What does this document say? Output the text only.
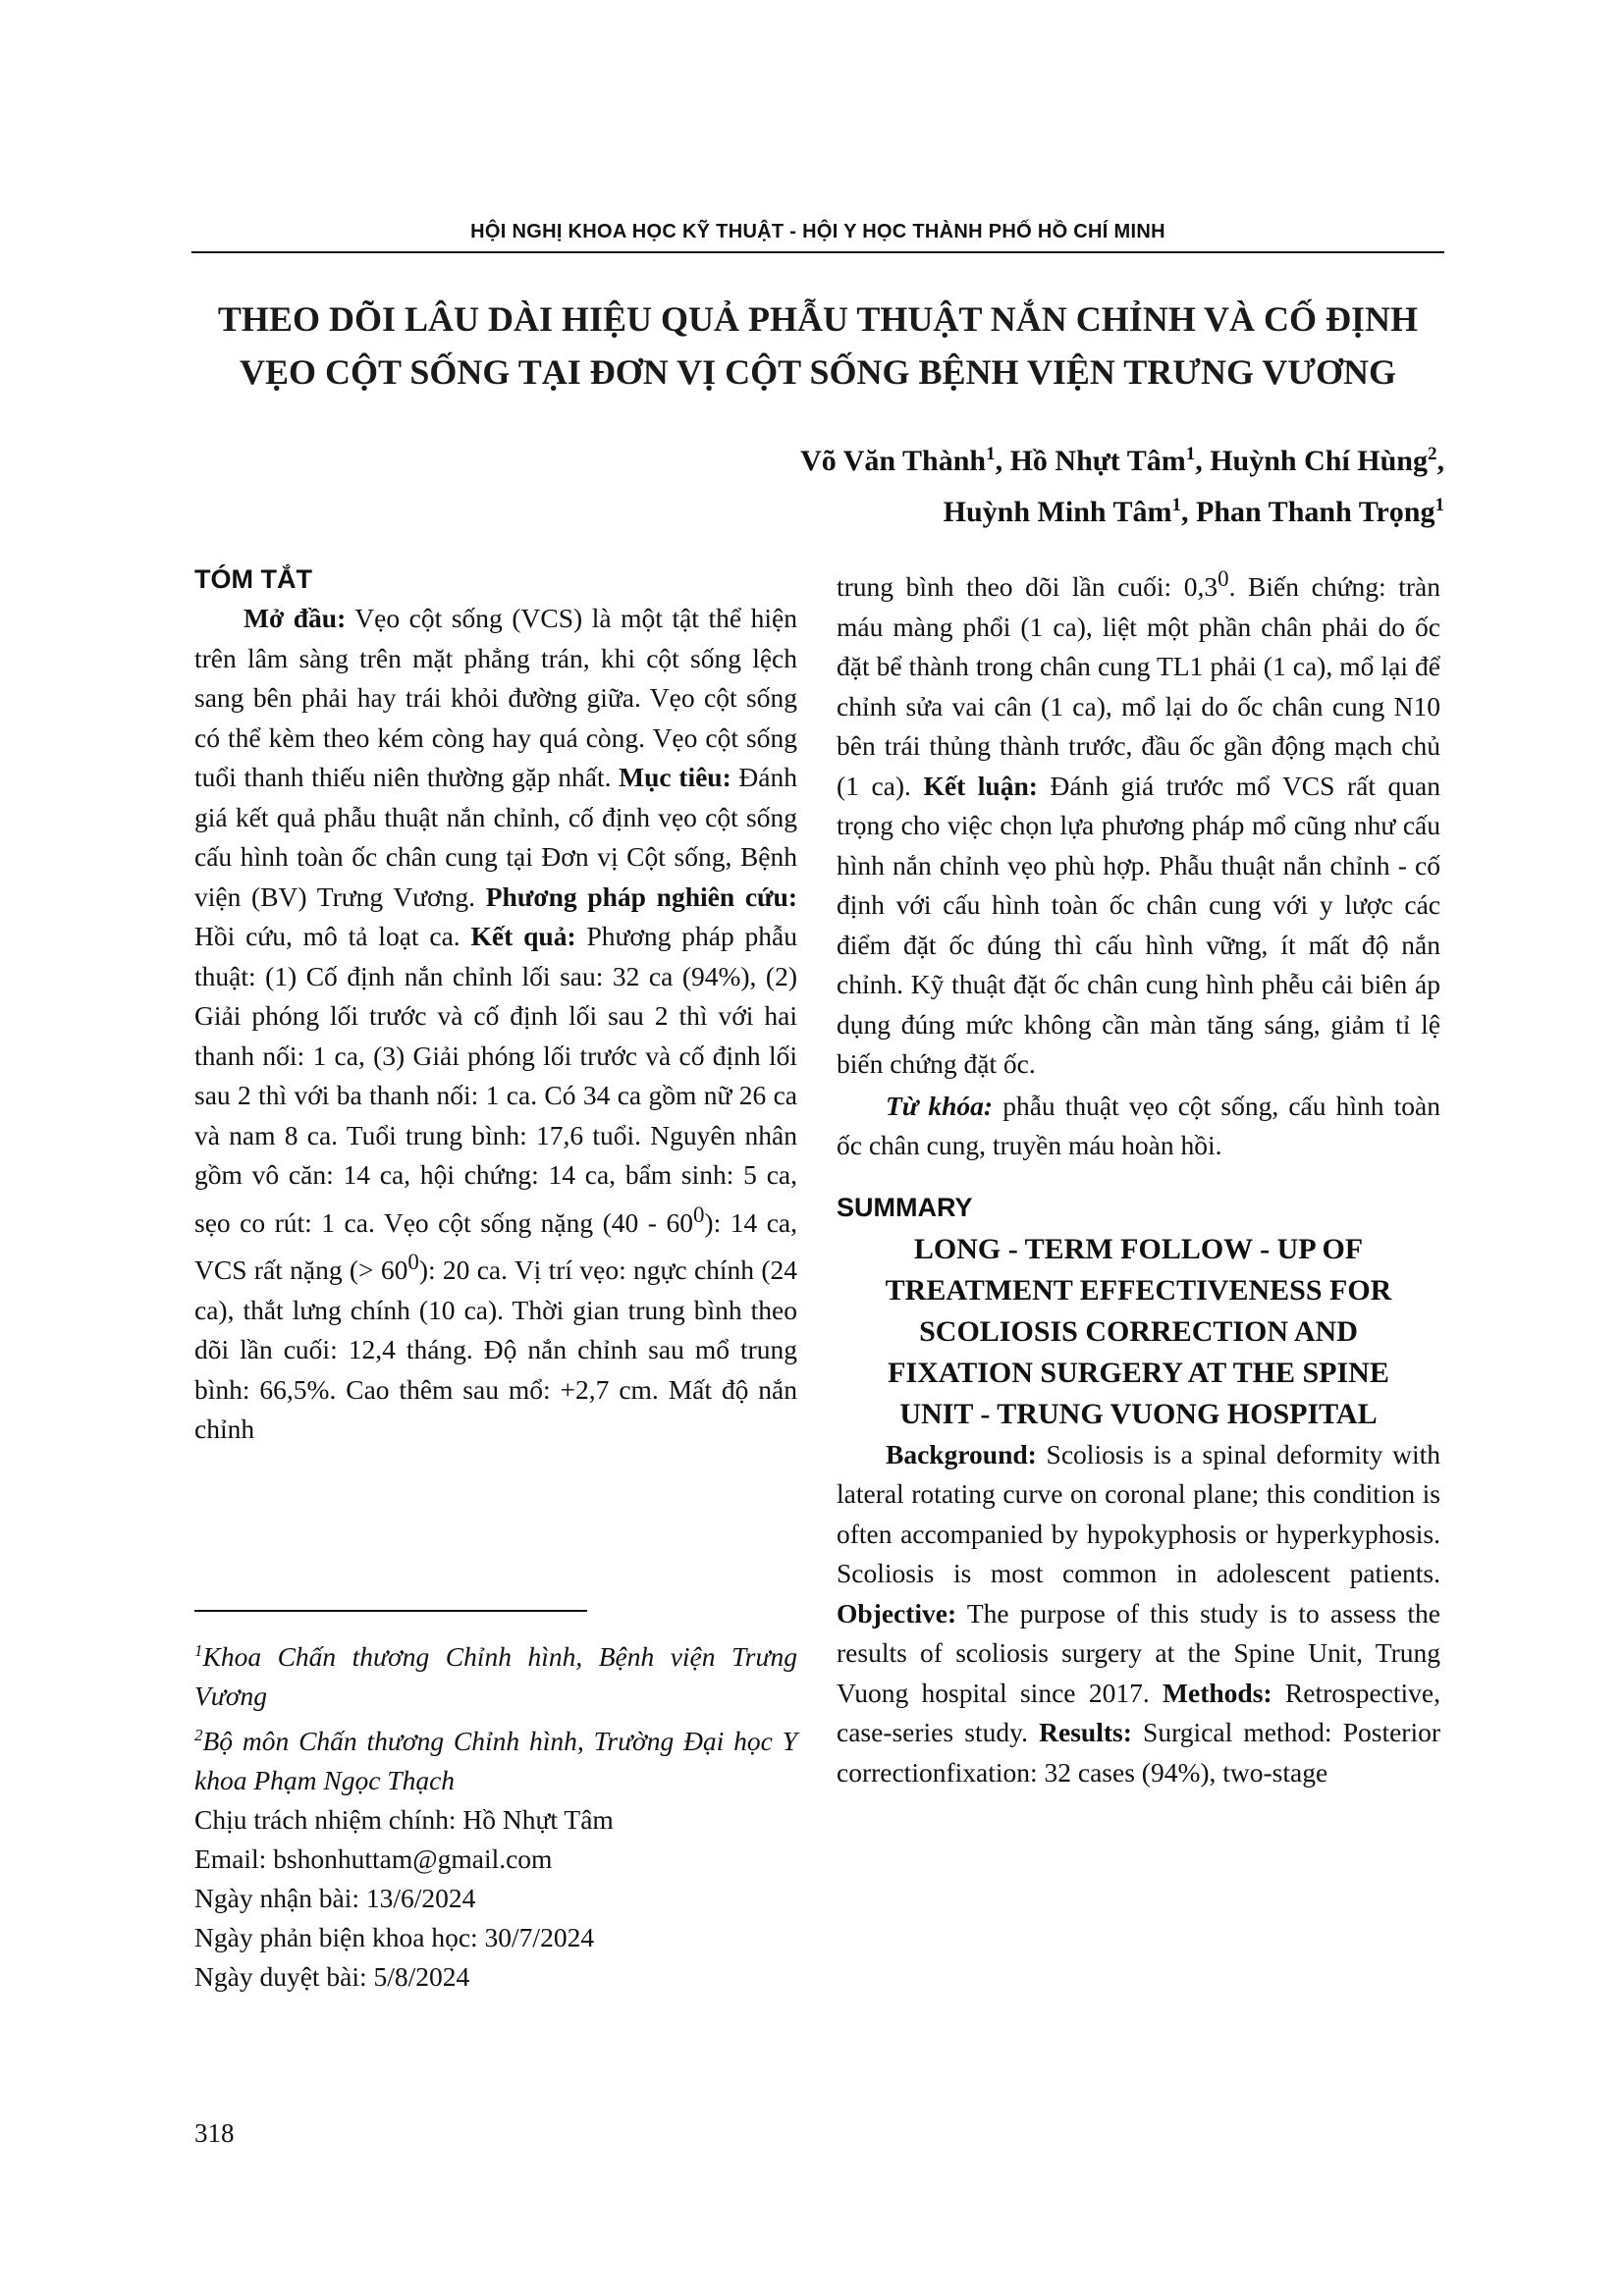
HỘI NGHỊ KHOA HỌC KỸ THUẬT - HỘI Y HỌC THÀNH PHỐ HỒ CHÍ MINH
THEO DÕI LÂU DÀI HIỆU QUẢ PHẪU THUẬT NẮN CHỈNH VÀ CỐ ĐỊNH
VẸO CỘT SỐNG TẠI ĐƠN VỊ CỘT SỐNG BỆNH VIỆN TRƯNG VƯƠNG
Võ Văn Thành$^1$, Hồ Nhựt Tâm$^1$, Huỳnh Chí Hùng$^2$,
Huỳnh Minh Tâm$^1$, Phan Thanh Trọng$^1$

TÓM TẮT

Mở đầu: Vẹo cột sống (VCS) là một tật thể hiện trên lâm sàng trên mặt phẳng trán, khi cột sống lệch sang bên phải hay trái khỏi đường giữa. Vẹo cột sống có thể kèm theo kém còng hay quá còng. Vẹo cột sống tuổi thanh thiếu niên thường gặp nhất. Mục tiêu: Đánh giá kết quả phẫu thuật nắn chỉnh, cố định vẹo cột sống cấu hình toàn ốc chân cung tại Đơn vị Cột sống, Bệnh viện (BV) Trưng Vương. Phương pháp nghiên cứu: Hồi cứu, mô tả loạt ca. Kết quả: Phương pháp phẫu thuật: (1) Cố định nắn chỉnh lối sau: 32 ca (94%), (2) Giải phóng lối trước và cố định lối sau 2 thì với hai thanh nối: 1 ca, (3) Giải phóng lối trước và cố định lối sau 2 thì với ba thanh nối: 1 ca. Có 34 ca gồm nữ 26 ca và nam 8 ca. Tuổi trung bình: 17,6 tuổi. Nguyên nhân gồm vô căn: 14 ca, hội chứng: 14 ca, bẩm sinh: 5 ca, sẹo co rút: 1 ca. Vẹo cột sống nặng $(40 - 60^0)$: 14 ca, VCS rất nặng (> $60^0$): 20 ca. Vị trí vẹo: ngực chính (24 ca), thắt lưng chính (10 ca). Thời gian trung bình theo dõi lần cuối: 12,4 tháng. Độ nắn chỉnh sau mổ trung bình: 66,5%. Cao thêm sau mổ: +2,7 cm. Mất độ nắn chỉnh

$^1$Khoa Chấn thương Chỉnh hình, Bệnh viện Trưng Vương

$^2$Bộ môn Chấn thương Chỉnh hình, Trường Đại học Y khoa Phạm Ngọc Thạch

Chịu trách nhiệm chính: Hồ Nhựt Tâm

Email: bshonhuttam@gmail.com

Ngày nhận bài: 13/6/2024

Ngày phản biện khoa học: 30/7/2024

Ngày duyệt bài: 5/8/2024

trung bình theo dõi lần cuối: $0,3^0$. Biến chứng: tràn máu màng phổi (1 ca), liệt một phần chân phải do ốc đặt bể thành trong chân cung TL1 phải (1 ca), mổ lại để chỉnh sửa vai cân (1 ca), mổ lại do ốc chân cung N10 bên trái thủng thành trước, đầu ốc gần động mạch chủ (1 ca). Kết luận: Đánh giá trước mổ VCS rất quan trọng cho việc chọn lựa phương pháp mổ cũng như cấu hình nắn chỉnh vẹo phù hợp. Phẫu thuật nắn chỉnh - cố định với cấu hình toàn ốc chân cung với y lược các điểm đặt ốc đúng thì cấu hình vững, ít mất độ nắn chỉnh. Kỹ thuật đặt ốc chân cung hình phễu cải biên áp dụng đúng mức không cần màn tăng sáng, giảm tỉ lệ biến chứng đặt ốc.

Từ khóa: phẫu thuật vẹo cột sống, cấu hình toàn ốc chân cung, truyền máu hoàn hồi.

SUMMARY

LONG - TERM FOLLOW - UP OF

TREATMENT EFFECTIVENESS FOR

SCOLIOSIS CORRECTION AND

FIXATION SURGERY AT THE SPINE

UNIT - TRUNG VUONG HOSPITAL

Background: Scoliosis is a spinal deformity with lateral rotating curve on coronal plane; this condition is often accompanied by hypokyphosis or hyperkyphosis. Scoliosis is most common in adolescent patients. Objective: The purpose of this study is to assess the results of scoliosis surgery at the Spine Unit, Trung Vuong hospital since 2017. Methods: Retrospective, case-series study. Results: Surgical method: Posterior correctionfixation: 32 cases (94%), two-stage

318
